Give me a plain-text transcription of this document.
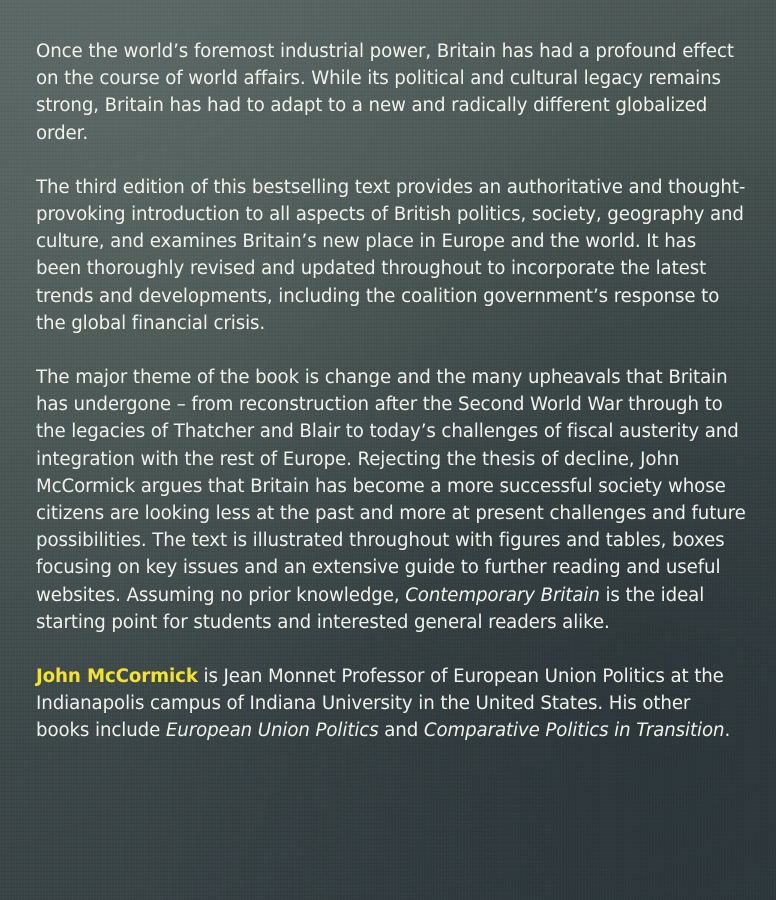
Once the world’s foremost industrial power, Britain has had a profound effect on the course of world affairs. While its political and cultural legacy remains strong, Britain has had to adapt to a new and radically different globalized order.

The third edition of this bestselling text provides an authoritative and thought-provoking introduction to all aspects of British politics, society, geography and culture, and examines Britain’s new place in Europe and the world. It has been thoroughly revised and updated throughout to incorporate the latest trends and developments, including the coalition government’s response to the global financial crisis.

The major theme of the book is change and the many upheavals that Britain has undergone – from reconstruction after the Second World War through to the legacies of Thatcher and Blair to today’s challenges of fiscal austerity and integration with the rest of Europe. Rejecting the thesis of decline, John McCormick argues that Britain has become a more successful society whose citizens are looking less at the past and more at present challenges and future possibilities. The text is illustrated throughout with figures and tables, boxes focusing on key issues and an extensive guide to further reading and useful websites. Assuming no prior knowledge, Contemporary Britain is the ideal starting point for students and interested general readers alike.

John McCormick is Jean Monnet Professor of European Union Politics at the Indianapolis campus of Indiana University in the United States. His other books include European Union Politics and Comparative Politics in Transition.
